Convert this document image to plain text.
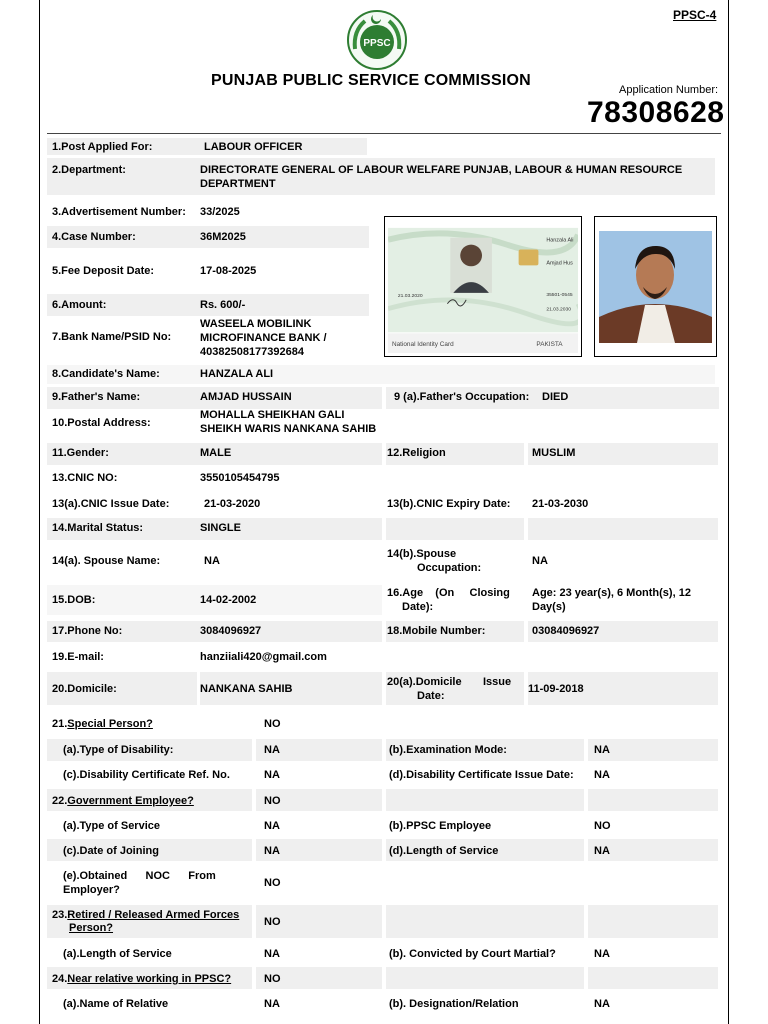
PPSC-4
PPSC
PUNJAB PUBLIC SERVICE COMMISSION
Application Number:
78308628
Hanzala Ali
Amjad Hus
35501-0545
21.03.2030
21.03.2020
National Identity Card	PAKISTA
1.Post Applied For:	LABOUR OFFICER
2.Department:	DIRECTORATE GENERAL OF LABOUR WELFARE PUNJAB, LABOUR & HUMAN RESOURCE
DEPARTMENT
3.Advertisement Number: 33/2025
4.Case Number:	36M2025
5.Fee Deposit Date:	17-08-2025
6.Amount:	Rs. 600/-
7.Bank Name/PSID No:
WASEELA MOBILINK
MICROFINANCE BANK /
40382508177392684
8.Candidate's Name:	HANZALA ALI
9.Father's Name:	AMJAD HUSSAIN	9 (a).Father's Occupation: DIED
10.Postal Address:
MOHALLA SHEIKHAN GALI
SHEIKH WARIS NANKANA SAHIB
11.Gender:	MALE	12.Religion	MUSLIM
13.CNIC NO:	3550105454795
13(a).CNIC Issue Date:	21-03-2020	13(b).CNIC Expiry Date: 21-03-2030
14.Marital Status:	SINGLE
14(a). Spouse Name:	NA
14(b).Spouse
Occupation:
NA
15.DOB:	14-02-2002
16.Age    (On     Closing
Date):
Age: 23 year(s), 6 Month(s), 12
Day(s)
17.Phone No:	3084096927	18.Mobile Number:	03084096927
19.E-mail:	hanziiali420@gmail.com
20.Domicile:	NANKANA SAHIB
20(a).Domicile       Issue
Date:
11-09-2018
21.Special Person?	NO
(a).Type of Disability:	NA	(b).Examination Mode:	NA
(c).Disability Certificate Ref. No.	NA	(d).Disability Certificate Issue Date: NA
22.Government Employee?	NO
(a).Type of Service	NA	(b).PPSC Employee	NO
(c).Date of Joining	NA	(d).Length of Service	NA
(e).Obtained      NOC      From
Employer?
NO
23.Retired / Released Armed Forces
Person?	NO
(a).Length of Service	NA	(b). Convicted by Court Martial?	NA
24.Near relative working in PPSC?	NO
(a).Name of Relative	NA	(b). Designation/Relation	NA
